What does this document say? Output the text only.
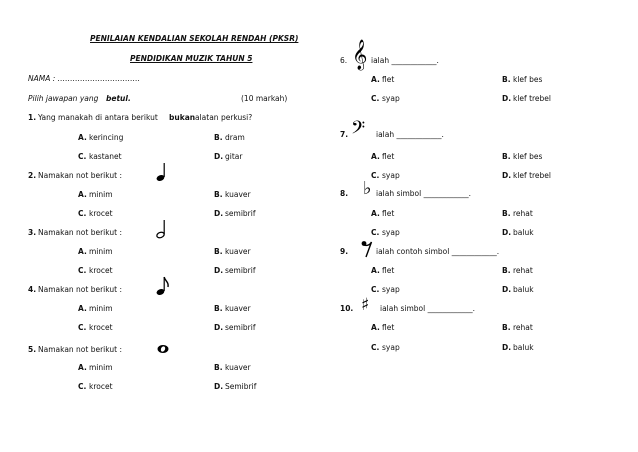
PENILAIAN KENDALIAN SEKOLAH RENDAH (PKSR)
PENDIDIKAN MUZIK TAHUN 5
NAMA : ……………………………
Pilih jawapan yang betul.	(10 markah)
1. Yang manakah di antara berikut bukan alatan perkusi?
A. kerincing	B. dram
C. kastanet	D. gitar
2. Namakan not berikut :
A. minim	B. kuaver
C. krocet	D. semibrif
3. Namakan not berikut :
A. minim	B. kuaver
C. krocet	D. semibrif
4. Namakan not berikut :
A. minim	B. kuaver
C. krocet	D. semibrif
5. Namakan not berikut :
A. minim	B. kuaver
C. krocet	D. Semibrif
6. 𝄞 ialah ____________.
A. flet	B. klef bes
C. syap	D. klef trebel
7. 𝄢 ialah ____________.
A. flet	B. klef bes
C. syap	D. klef trebel
8. ♭ ialah simbol ____________.
A. flet	B. rehat
C. syap	D. baluk
9.	ialah contoh simbol ____________.
A. flet	B. rehat
C. syap	D. baluk
10. ♯ ialah simbol ____________.
A. flet	B. rehat
C. syap	D. baluk
